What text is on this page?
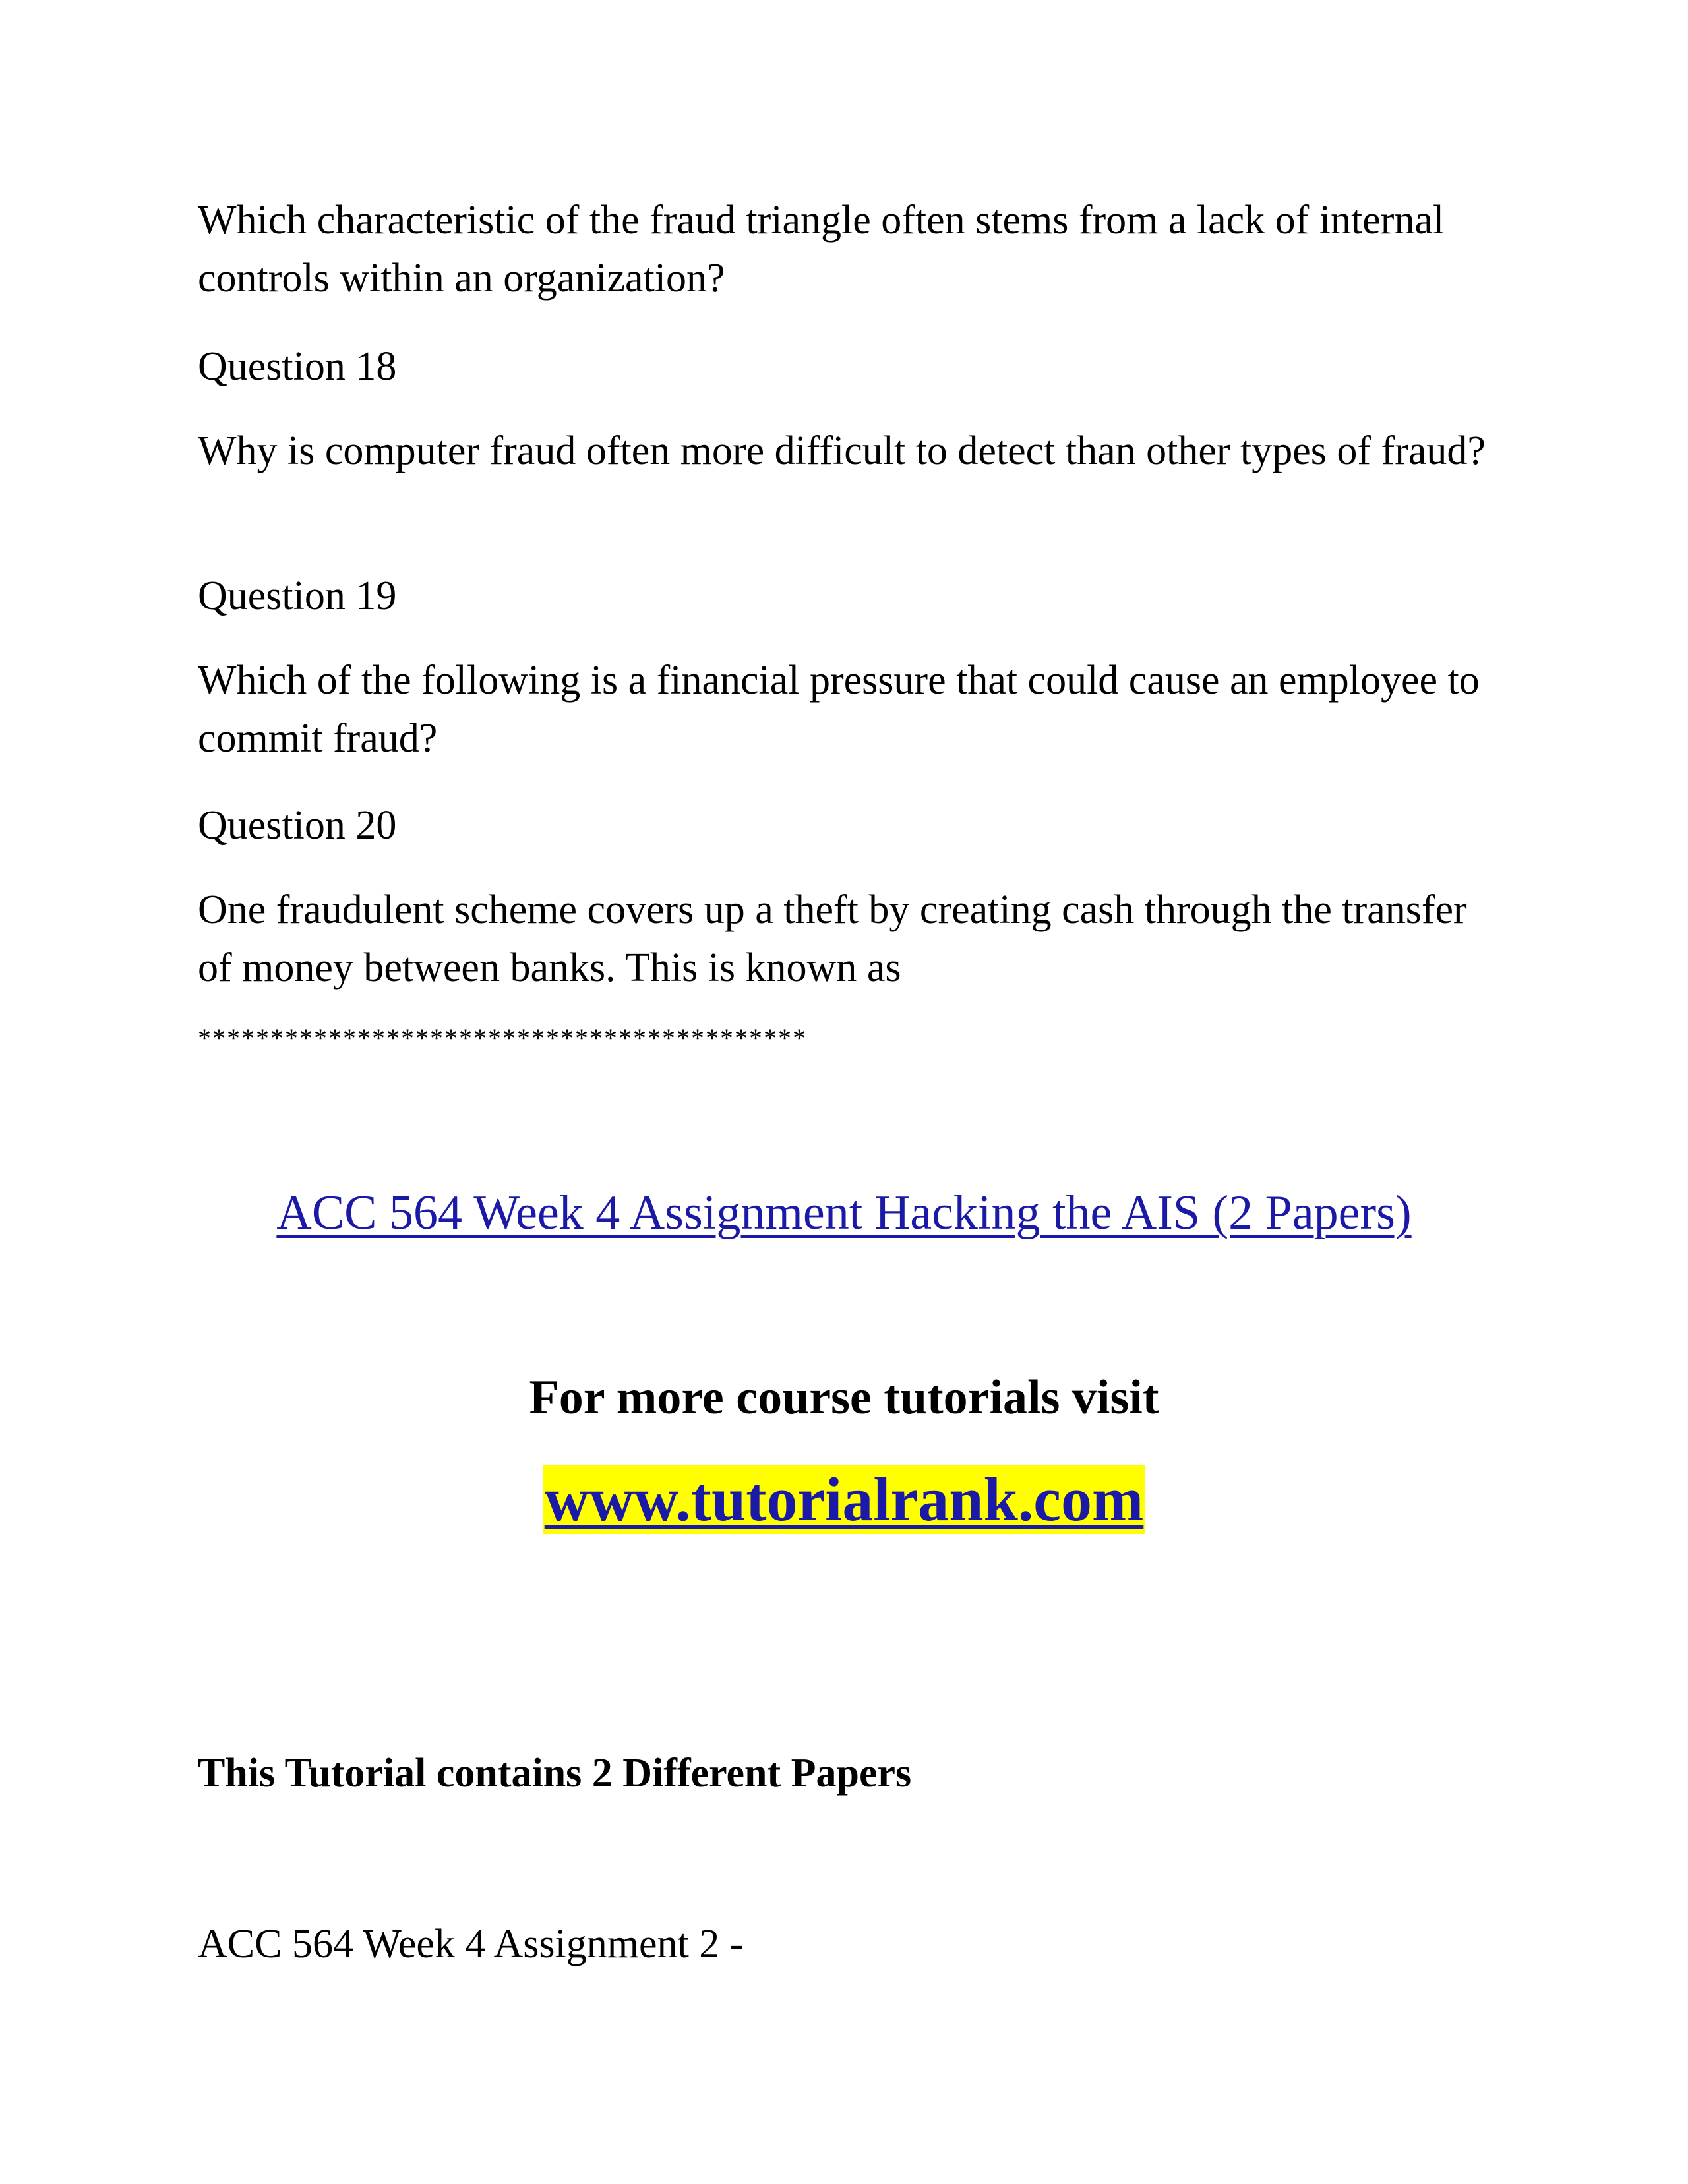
Which characteristic of the fraud triangle often stems from a lack of internal controls within an organization?

Question 18

Why is computer fraud often more difficult to detect than other types of fraud?

Question 19

Which of the following is a financial pressure that could cause an employee to commit fraud?

Question 20

One fraudulent scheme covers up a theft by creating cash through the transfer of money between banks. This is known as

******************************************
ACC 564 Week 4 Assignment Hacking the AIS (2 Papers)
For more course tutorials visit
www.tutorialrank.com
This Tutorial contains 2 Different Papers
ACC 564 Week 4 Assignment 2 -
